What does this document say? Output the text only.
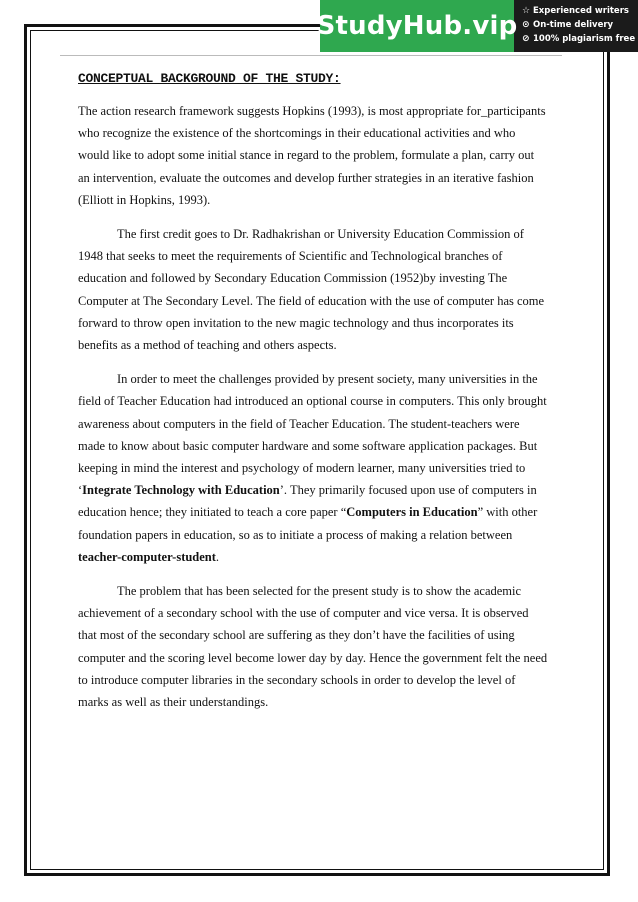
StudyHub.vip ☆ Experienced writers
⊙ On-time delivery
⊘ 100% plagiarism free
CONCEPTUAL BACKGROUND OF THE STUDY:

The action research framework suggests Hopkins (1993), is most appropriate for_participants
who recognize the existence of the shortcomings in their educational activities and who
would like to adopt some initial stance in regard to the problem, formulate a plan, carry out
an intervention, evaluate the outcomes and develop further strategies in an iterative fashion
(Elliott in Hopkins, 1993).

The first credit goes to Dr. Radhakrishan or University Education Commission of
1948 that seeks to meet the requirements of Scientific and Technological branches of
education and followed by Secondary Education Commission (1952)by investing The
Computer at The Secondary Level. The field of education with the use of computer has come
forward to throw open invitation to the new magic technology and thus incorporates its
benefits as a method of teaching and others aspects.

In order to meet the challenges provided by present society, many universities in the
field of Teacher Education had introduced an optional course in computers. This only brought
awareness about computers in the field of Teacher Education. The student-teachers were
made to know about basic computer hardware and some software application packages. But
keeping in mind the interest and psychology of modern learner, many universities tried to
‘Integrate Technology with Education’. They primarily focused upon use of computers in
education hence; they initiated to teach a core paper “Computers in Education” with other
foundation papers in education, so as to initiate a process of making a relation between
teacher-computer-student.

The problem that has been selected for the present study is to show the academic
achievement of a secondary school with the use of computer and vice versa. It is observed
that most of the secondary school are suffering as they don’t have the facilities of using
computer and the scoring level become lower day by day. Hence the government felt the need
to introduce computer libraries in the secondary schools in order to develop the level of
marks as well as their understandings.
